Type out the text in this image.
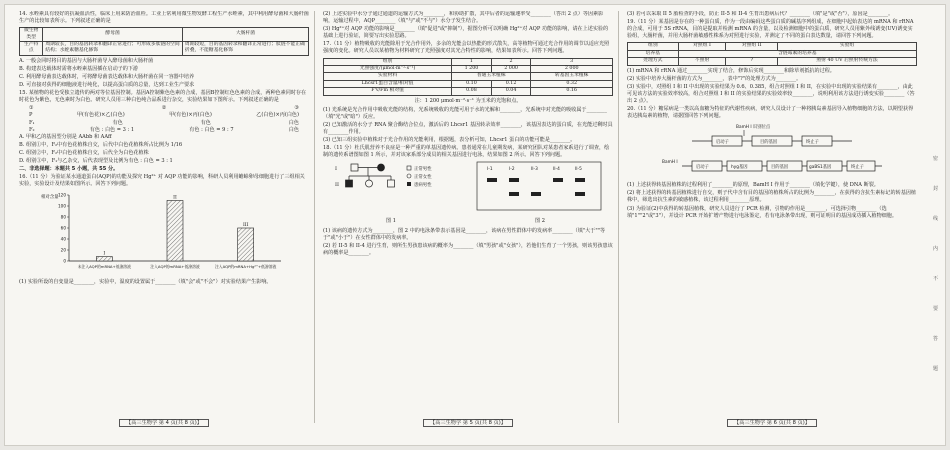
14. 水蛭素具有较好的抗凝血活性，临床上用来防治血栓。工业上常利用微生物发酵工程生产水蛭素，其中利用酵母菌和大肠杆菌生产的比较如表所示。下列叙述正确的是
微生物类型	酵母菌	大肠杆菌
生产特点	周期较长，目的基因转录和翻译正常进行；可形成多肽链的空间结构；水蛭素糖基化修饰	周期较短，目的基因转录和翻译正常进行；肽链不能正确折叠，不能糖基化修饰
A. 一般会同时将目的基因与大肠杆菌导入酵母菌和大肠杆菌
B. 构建表达载体时需将水蛭素基因插在启动子的下游
C. 利用酵母菌表达载体时，可将酵母菌表达载体和大肠杆菌在同一容器中培养
D. 可直接对获得的细胞液进行纯化，以提高蛋白质的总量，达到工业生产要求
15. 某植物的花色受独立遗传的两对等位基因控制。基因A控制紫色色素的合成，基因B控制红色色素的合成，两种色素同时存在时花色为紫色，无色素时为白色。研究人员用三种白色纯合品系进行杂交，实验结果如下图所示。下列叙述正确的是
①	②	③
P	甲(有色花)×乙(白色)	甲(有色)×丙(白色)	乙(白色)×丙(白色)
F₁	有色	有色	白色
F₂	有色 : 白色 = 3 : 1	有色 : 白色 = 9 : 7	白色
A. 甲和乙的基因型分别是 AAbb 和 AAff
B. 组别①中，F₂中有色花植株自交，后代中白色花植株所占比例为 1/16
C. 组别②中，F₂中白色花植株自交，后代全为白色花植株
D. 组别③中，F₁与乙杂交，后代表现型及比例为有色 : 白色 = 3 : 1
二、非选择题：本题共 5 小题，共 55 分。
16.（11 分）为验证某水通道蛋白(AQP)的功能及探究 Hg²⁺ 对 AQP 功能的影响，科研人员利用蟾蜍卵母细胞进行了三组相关实验，实验设计及结果如图所示。回答下列问题。
相对含量
0
20
40
60
80
100
120
I
未注入AQP的mRNA+低渗溶液
II
注入AQP的mRNA+低渗溶液
III
注入AQP的mRNA+Hg²⁺+低渗溶液
(1) 实验所设的自变量是________，实验中，温度的设置属于________（填"会"或"不会"）对实验结果产生影响。
【高三生物学 第 4 页(共 8 页)】
(2) 上述实验中水分子通过通道的运输方式为________，和协助扩散，其中后者的运输速率受________（答出 2 点）等因素影响，运输过程中，AQP________（填"与"或"不与"）水分子发生结合。
(3) Hg²⁺对 AQP 功能的影响是________（填"促进"或"抑制"），据图分析可以明确 Hg²⁺对 AQP 功能的影响，请在上述实验的基础上进行验证，简要写出实验思路。
17.（11 分）植物吸收的光能除用于光合作用外，多余的光能会以热能的形式散失，高等植物可通过光合作用的调节以适应光照强度的变化。研究人员以某植物为材料研究了光照强度对其光合特性的影响，结果如表所示。回答下列问题。
组别	1	2	3
光照强度/(μmol·m⁻²·s⁻¹)	1 200	2 000	2 000
实验材料	普通玉米植株		转基因玉米植株
Lhcsr1蛋白含量/相对值	0.10	0.12	0.32
F'v/Fm 相对值	0.08	0.04	0.16
注：1 200 μmol·m⁻²·s⁻¹ 为玉米的光饱和点。
(1) 光系统是光合作用中吸收光能的结构，光系统吸收的光能可用于水的光解和________，光系统中对光能的吸收属于________（填"光"或"暗"）反应。
(2) 已知激活的水分子 RNA 聚合酶结合位点，激活后的 Lhcsr1 基因转录效率________，该基因表达的蛋白质，在光能过剩时具有________作用。
(3) 已知三组实验中植株对于光合作用的光能利用，根据题，表分析可知，Lhcsr1 蛋白的功能可能是________。
18.（11 分）杜氏肌营养不良症是一种严重的单基因遗传病。患者通常在儿童期发病，某研究团队对某患者家系进行了调查，绘制的遗传系谱图如图 1 所示，并对该家系部分成员的相关基因进行电泳，结果如图 2 所示。回答下列问题。
I
II
正常男性
正常女性
患病男性
图 1
I-1	I-2	II-3	II-4	II-5
图 2
(1) 该病的遗传方式为________，图 2 中的电泳条带表示基因是________，该病在男性群体中的发病率________（填"大于""等于"或"小于"）在女性群体中的发病率。
(2) 若 II-5 和 II-4 进行生育，则所生男孩患该病的概率为________（填"男孩"或"女孩"），若他们生育了一个男孩，则该男孩患该病的概率是________。
【高三生物学 第 5 页(共 8 页)】
(3) 若可以采取 II 5 胎检查的手段，防止 II-5 和 II-4 生育出患病后代？________（填"是"或"否"），原因是________。
19.（11 分）某基因是存在的一种蛋白质，作为一段由编码这些蛋白质的碱基序列组成，在细胞中起始表达的 mRNA 和 rRNA 的合成，可用于 5S rRNA，目的是提取并检测 mRNA 的含量，以及检测细胞中的蛋白质，研究人员用紫外线诱变(UV)诱变实验组，大肠杆菌，并用大肠杆菌敏感性株系为对照进行实验，并测定了不同的蛋白表达数量，请回答下列问题。
组别	对照组 I	对照组 II	实验组
培养基	含链霉素的培养基		
处理方式	不照射	?	照射 40 UV 后照射传统方法
(1) mRNA 和 rRNA 通过________实现了结合，修饰后实现________和除草剂抵抗的过程。
(2) 实验中培养大肠杆菌的方式为________，表中"?"的处理方式为________。
(3) 实验中，对照组 I 和 II 中出现的实验结果为 0.6、0.385，组合对照组 I 和 II，在实验中出现的实验结果有________，由此可见该方法的实验效率较高，组合对照组 I 和 II 的实验结果的实验效率较________，说明利用该方法进行诱变实验________（答出 2 点）。
20.（11 分）糖尿病是一类以高血糖为特征的代谢性疾病，研究人员设计了一种将胰岛素基因导入植物细胞的方法，以期望获得表达胰岛素的植物，请据图回答下列问题。
BamH I 识别位点
启动子	目的基因	终止子
BamH I
启动子	hyg基因	目的基因	gaBS1基因	终止子
(1) 上述获得转基因植株的过程利用了________的原理，BamH I 作用于________（填化学键），使 DNA 断裂。
(2) 将上述获得的转基因植株进行自交，则子代中含有目的基因的植株所占的比例为________，在获得的含抗生素标记的转基因植株中，筛选出抗生素的敏感植株，该过程利用________原理。
(3) 为验证(2)中获得的转基因植株，研究人员进行了 PCR 检测，引物的作用是________，可选择引物________（选填"1""2"或"3"），并设计 PCR 开始扩增产物进行电泳鉴定，若有电泳条带出现，则可证明目的基因成功插入植物细胞。
【高三生物学 第 6 页(共 8 页)】
密
封
线
内
不
要
答
题
